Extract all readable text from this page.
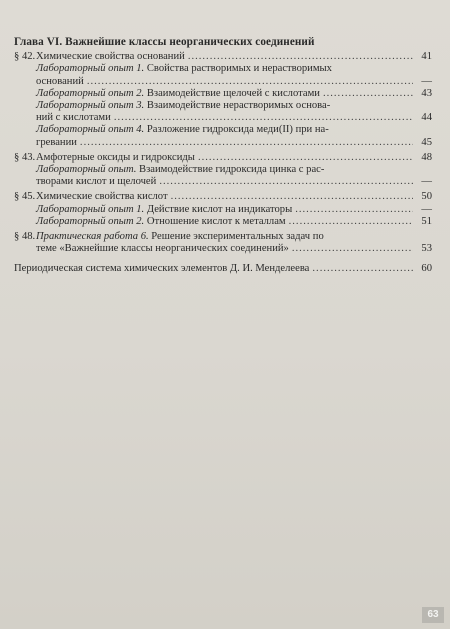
Глава VI. Важнейшие классы неорганических соединений
§ 42. Химические свойства оснований .....	41
Лабораторный опыт 1. Свойства растворимых и нерастворимых
оснований .....	—
Лабораторный опыт 2. Взаимодействие щелочей с кислотами .....	43
Лабораторный опыт 3. Взаимодействие нерастворимых основа-
ний с кислотами .....	44
Лабораторный опыт 4. Разложение гидроксида меди(II) при на-
гревании .....	45
§ 43. Амфотерные оксиды и гидроксиды .....	48
Лабораторный опыт. Взаимодействие гидроксида цинка с рас-
творами кислот и щелочей .....	—
§ 45. Химические свойства кислот .....	50
Лабораторный опыт 1. Действие кислот на индикаторы .....	—
Лабораторный опыт 2. Отношение кислот к металлам .....	51
§ 48. Практическая работа 6. Решение экспериментальных задач по
теме «Важнейшие классы неорганических соединений» .....	53
Периодическая система химических элементов Д. И. Менделеева .....	60
63
